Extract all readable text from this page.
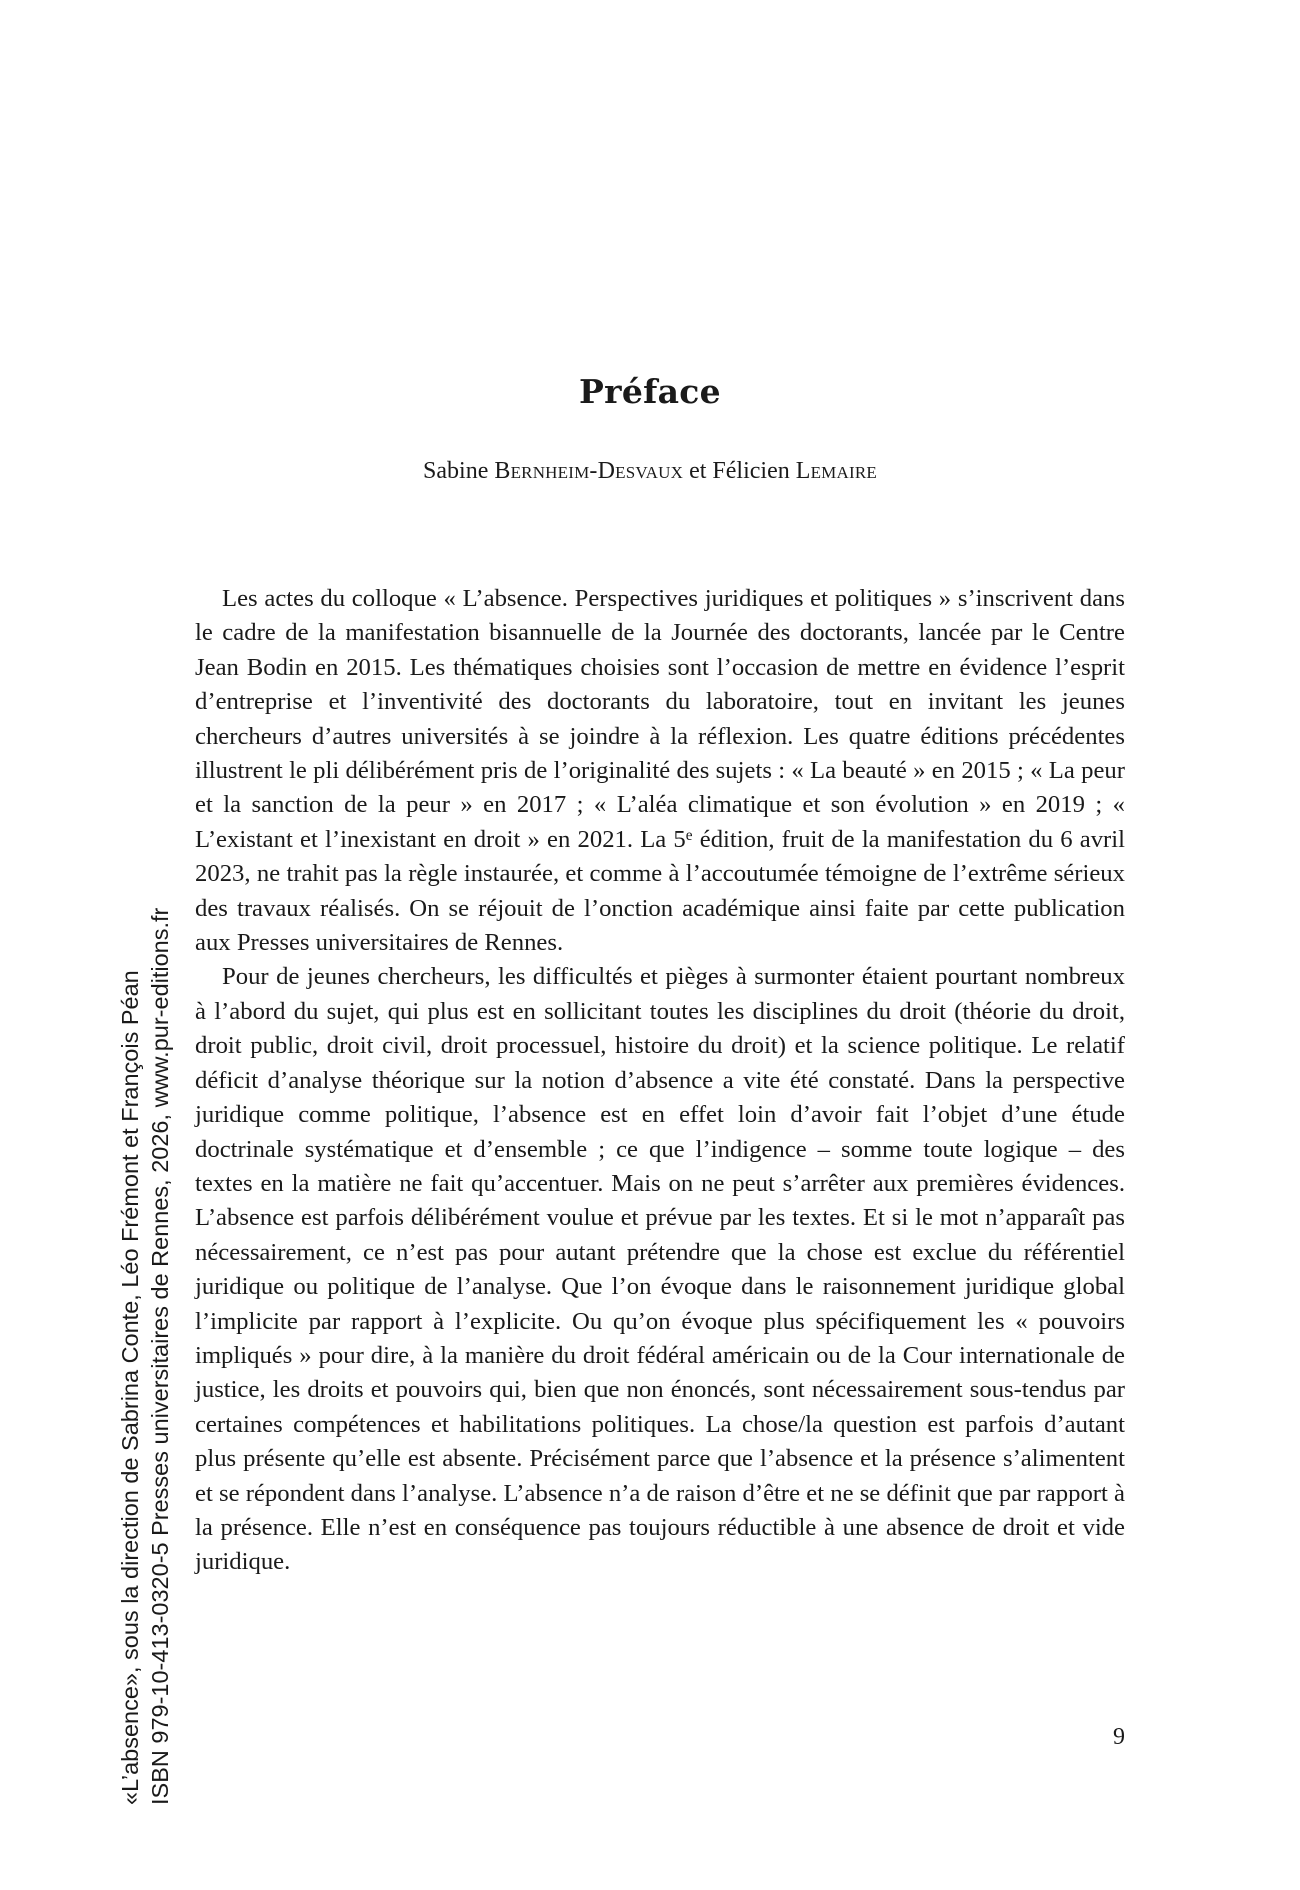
Préface
Sabine Bernheim-Desvaux et Félicien Lemaire

Les actes du colloque « L’absence. Perspectives juridiques et politiques » s’inscrivent dans le cadre de la manifestation bisannuelle de la Journée des doctorants, lancée par le Centre Jean Bodin en 2015. Les thématiques choisies sont l’occasion de mettre en évidence l’esprit d’entreprise et l’inventivité des doctorants du laboratoire, tout en invitant les jeunes chercheurs d’autres universités à se joindre à la réflexion. Les quatre éditions précédentes illustrent le pli délibérément pris de l’originalité des sujets : « La beauté » en 2015 ; « La peur et la sanction de la peur » en 2017 ; « L’aléa climatique et son évolution » en 2019 ; « L’existant et l’inexistant en droit » en 2021. La 5e édition, fruit de la manifestation du 6 avril 2023, ne trahit pas la règle instaurée, et comme à l’accoutumée témoigne de l’extrême sérieux des travaux réalisés. On se réjouit de l’onction académique ainsi faite par cette publication aux Presses universitaires de Rennes.

Pour de jeunes chercheurs, les difficultés et pièges à surmonter étaient pourtant nombreux à l’abord du sujet, qui plus est en sollicitant toutes les disciplines du droit (théorie du droit, droit public, droit civil, droit processuel, histoire du droit) et la science politique. Le relatif déficit d’analyse théorique sur la notion d’absence a vite été constaté. Dans la perspective juridique comme politique, l’absence est en effet loin d’avoir fait l’objet d’une étude doctrinale systématique et d’ensemble ; ce que l’indigence – somme toute logique – des textes en la matière ne fait qu’accentuer. Mais on ne peut s’arrêter aux premières évidences. L’absence est parfois délibérément voulue et prévue par les textes. Et si le mot n’apparaît pas nécessairement, ce n’est pas pour autant prétendre que la chose est exclue du référentiel juridique ou politique de l’analyse. Que l’on évoque dans le raisonnement juridique global l’implicite par rapport à l’explicite. Ou qu’on évoque plus spécifiquement les « pouvoirs impliqués » pour dire, à la manière du droit fédéral américain ou de la Cour internationale de justice, les droits et pouvoirs qui, bien que non énoncés, sont nécessairement sous-tendus par certaines compétences et habilitations politiques. La chose/la question est parfois d’autant plus présente qu’elle est absente. Précisément parce que l’absence et la présence s’alimentent et se répondent dans l’analyse. L’absence n’a de raison d’être et ne se définit que par rapport à la présence. Elle n’est en conséquence pas toujours réductible à une absence de droit et vide juridique.

9
«L’absence», sous la direction de Sabrina Conte, Léo Frémont et François Péan ISBN 979-10-413-0320-5 Presses universitaires de Rennes, 2026, www.pur-editions.fr
